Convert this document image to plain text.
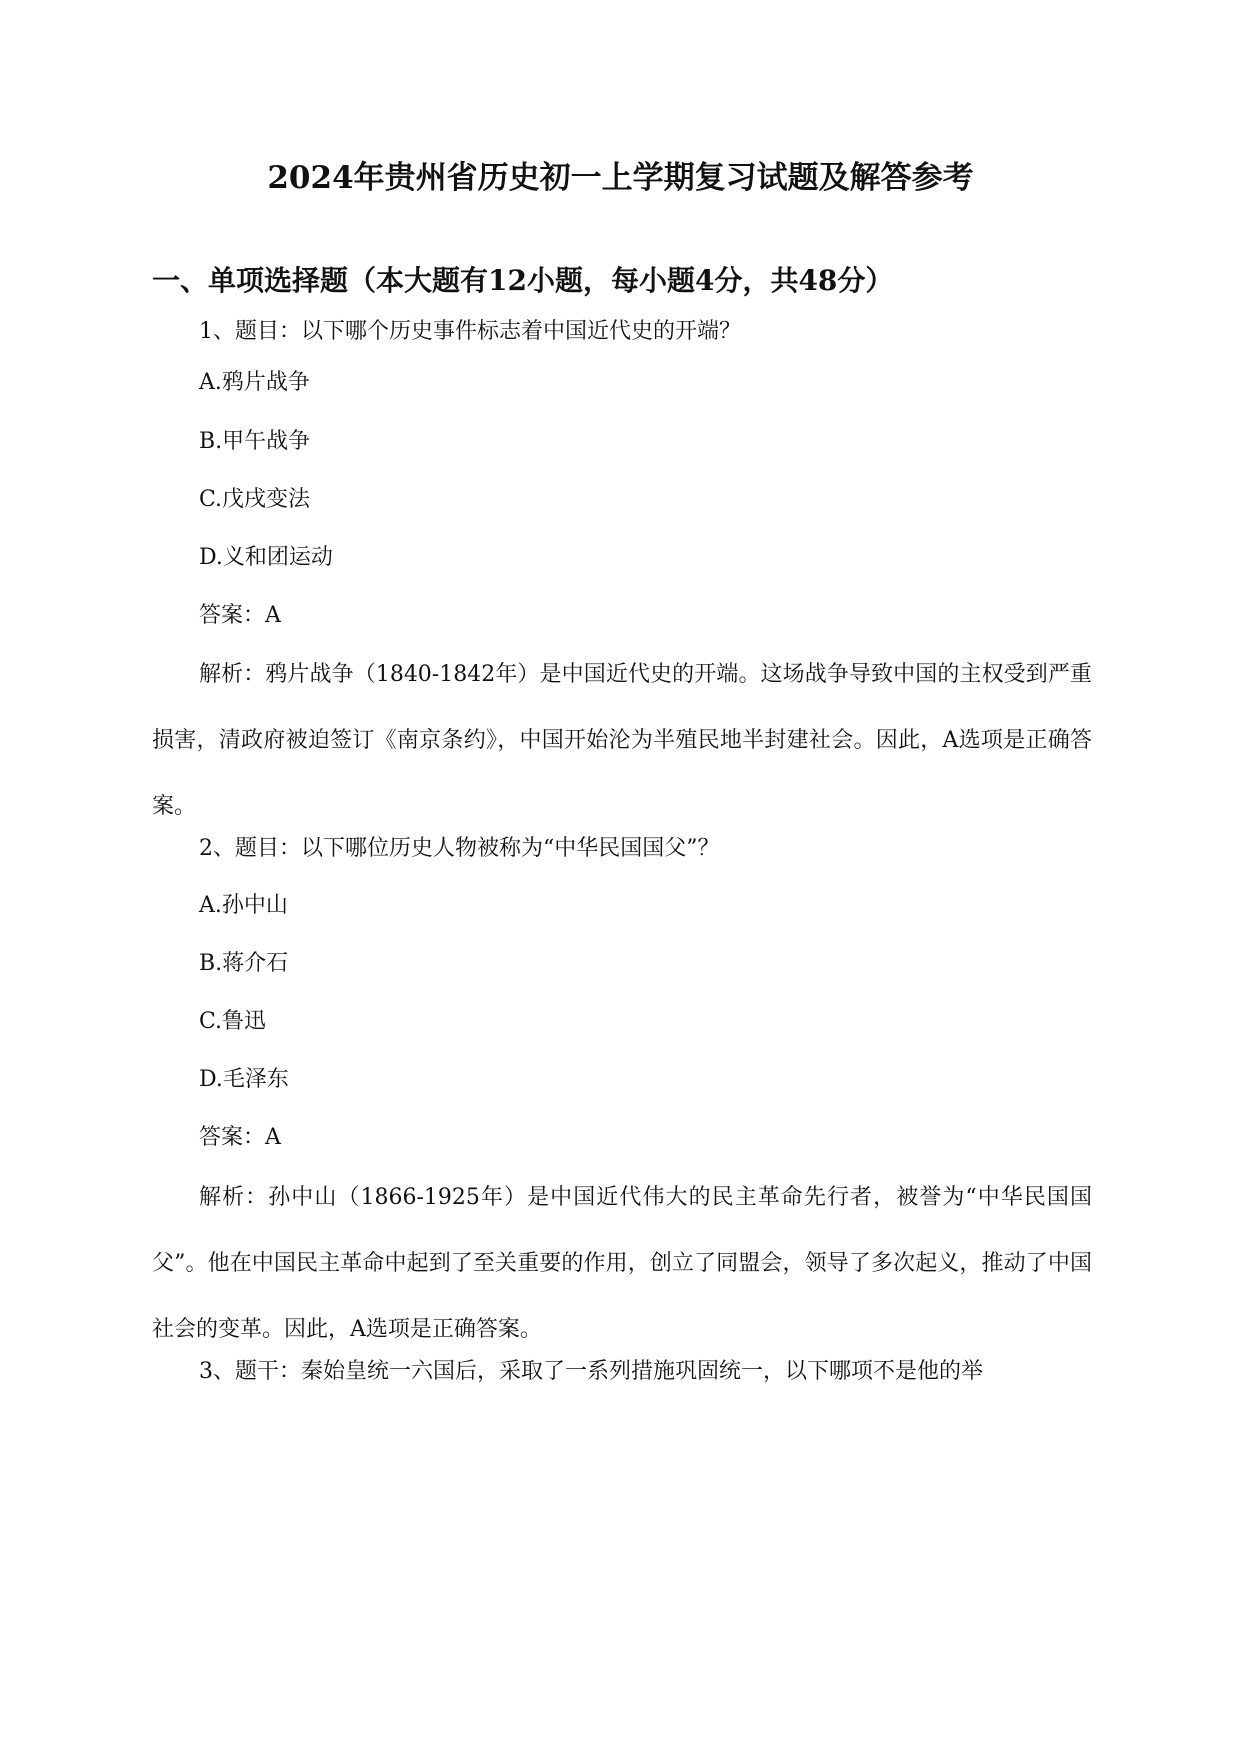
2024年贵州省历史初一上学期复习试题及解答参考
一、单项选择题（本大题有12小题，每小题4分，共48分）
1、题目：以下哪个历史事件标志着中国近代史的开端？
A.鸦片战争
B.甲午战争
C.戊戌变法
D.义和团运动
答案：A

解析：鸦片战争（1840-1842年）是中国近代史的开端。这场战争导致中国的主权受到严重损害，清政府被迫签订《南京条约》，中国开始沦为半殖民地半封建社会。因此，A选项是正确答案。

2、题目：以下哪位历史人物被称为“中华民国国父”？
A.孙中山
B.蒋介石
C.鲁迅
D.毛泽东
答案：A

解析：孙中山（1866-1925年）是中国近代伟大的民主革命先行者，被誉为“中华民国国父”。他在中国民主革命中起到了至关重要的作用，创立了同盟会，领导了多次起义，推动了中国社会的变革。因此，A选项是正确答案。

3、题干：秦始皇统一六国后，采取了一系列措施巩固统一，以下哪项不是他的举
